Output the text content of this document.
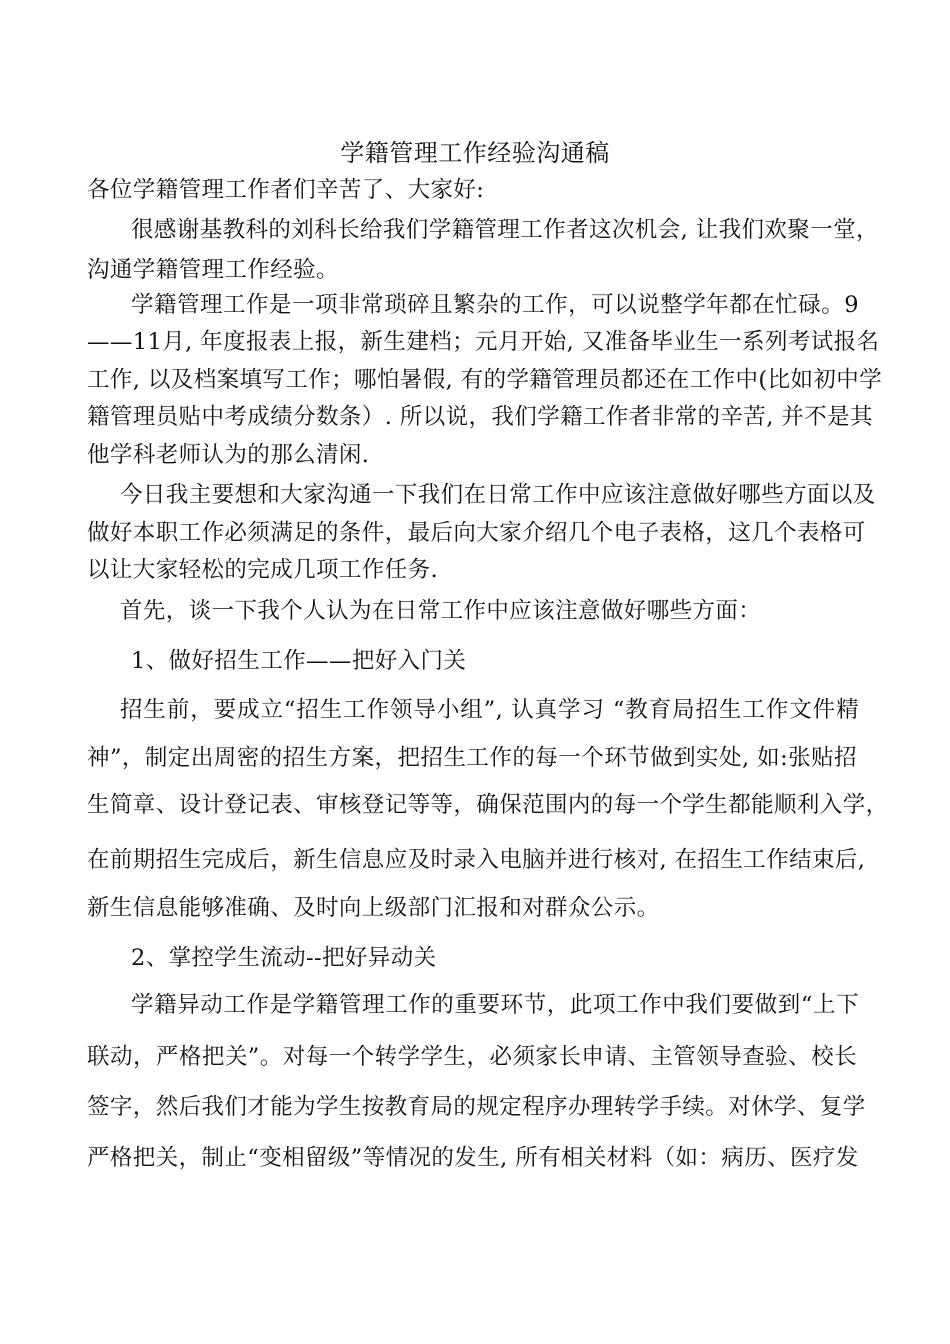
学籍管理工作经验沟通稿
各位学籍管理工作者们辛苦了、大家好:
很感谢基教科的刘科长给我们学籍管理工作者这次机会, 让我们欢聚一堂，
沟通学籍管理工作经验。
学籍管理工作是一项非常琐碎且繁杂的工作，可以说整学年都在忙碌。9
——11月, 年度报表上报，新生建档；元月开始, 又准备毕业生一系列考试报名
工作, 以及档案填写工作；哪怕暑假, 有的学籍管理员都还在工作中(比如初中学
籍管理员贴中考成绩分数条）. 所以说，我们学籍工作者非常的辛苦, 并不是其
他学科老师认为的那么清闲.
今日我主要想和大家沟通一下我们在日常工作中应该注意做好哪些方面以及
做好本职工作必须满足的条件，最后向大家介绍几个电子表格，这几个表格可
以让大家轻松的完成几项工作任务.
首先，谈一下我个人认为在日常工作中应该注意做好哪些方面：
1、做好招生工作——把好入门关
招生前，要成立“招生工作领导小组”, 认真学习 “教育局招生工作文件精
神”，制定出周密的招生方案，把招生工作的每一个环节做到实处, 如:张贴招
生简章、设计登记表、审核登记等等，确保范围内的每一个学生都能顺利入学，
在前期招生完成后，新生信息应及时录入电脑并进行核对, 在招生工作结束后,
新生信息能够准确、及时向上级部门汇报和对群众公示。
2、掌控学生流动--把好异动关
学籍异动工作是学籍管理工作的重要环节，此项工作中我们要做到“上下
联动，严格把关”。对每一个转学学生，必须家长申请、主管领导查验、校长
签字，然后我们才能为学生按教育局的规定程序办理转学手续。对休学、复学
严格把关，制止“变相留级”等情况的发生, 所有相关材料（如：病历、医疗发
